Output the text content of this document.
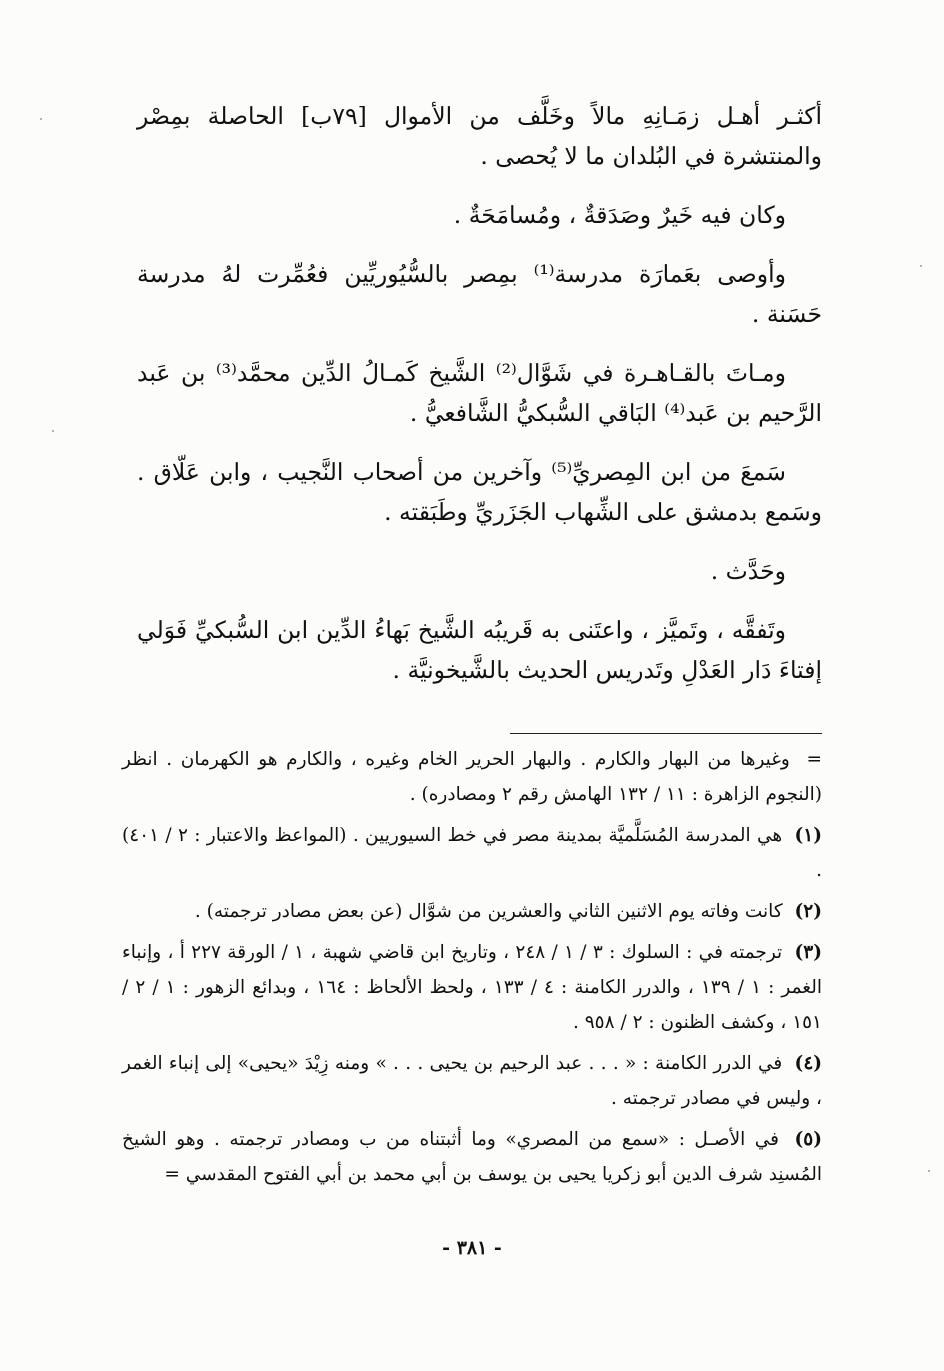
أكثـر أهـل زمَـانِهِ مالاً وخَلَّف من الأموال [٧٩ب] الحاصلة بمِصْر والمنتشرة في البُلدان ما لا يُحصى .

وكان فيه خَيرٌ وصَدَقةٌ ، ومُسامَحَةٌ .

وأوصى بعَمارَة مدرسة⁽¹⁾ بمِصر بالسُّيُوريِّين فعُمِّرت لهُ مدرسة حَسَنة .

ومـاتَ بالقـاهـرة في شَوَّال⁽²⁾ الشَّيخ كَمـالُ الدِّين محمَّد⁽³⁾ بن عَبد الرَّحيم بن عَبد⁽⁴⁾ البَاقي السُّبكيُّ الشَّافعيُّ .

سَمعَ من ابن المِصريِّ⁽⁵⁾ وآخرين من أصحاب النَّجيب ، وابن عَلّاق . وسَمع بدمشق على الشِّهاب الجَزَريِّ وطَبَقته .

وحَدَّث .

وتَفقَّه ، وتَميَّز ، واعتَنى به قَريبُه الشَّيخ بَهاءُ الدِّين ابن السُّبكيِّ فَوَلي إفتاءَ دَار العَدْلِ وتَدريس الحديث بالشَّيخونيَّة .

= وغيرها من البهار والكارم . والبهار الحرير الخام وغيره ، والكارم هو الكهرمان . انظر (النجوم الزاهرة : ١١ / ١٣٢ الهامش رقم ٢ ومصادره) .

(١) هي المدرسة المُسَلَّميَّة بمدينة مصر في خط السيوريين . (المواعظ والاعتبار : ٢ / ٤٠١) .

(٢) كانت وفاته يوم الاثنين الثاني والعشرين من شوَّال (عن بعض مصادر ترجمته) .

(٣) ترجمته في : السلوك : ٣ / ١ / ٢٤٨ ، وتاريخ ابن قاضي شهبة ، ١ / الورقة ٢٢٧ أ ، وإنباء الغمر : ١ / ١٣٩ ، والدرر الكامنة : ٤ / ١٣٣ ، ولحظ الألحاظ : ١٦٤ ، وبدائع الزهور : ١ / ٢ / ١٥١ ، وكشف الظنون : ٢ / ٩٥٨ .

(٤) في الدرر الكامنة : « . . . عبد الرحيم بن يحيى . . . » ومنه زِيْدَ «يحيى» إلى إنباء الغمر ، وليس في مصادر ترجمته .

(٥) في الأصـل : «سمع من المصري» وما أثبتناه من ب ومصادر ترجمته . وهو الشيخ المُسنِد شرف الدين أبو زكريا يحيى بن يوسف بن أبي محمد بن أبي الفتوح المقدسي =

- ٣٨١ -
